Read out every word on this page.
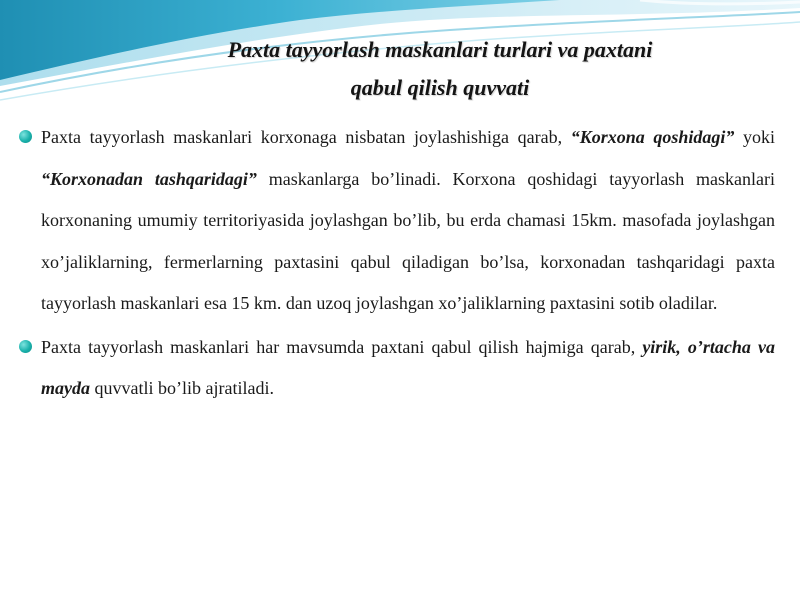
Paxta tayyorlash maskanlari turlari va paxtani
qabul qilish quvvati

Paxta tayyorlash maskanlari korxonaga nisbatan joylashishiga qarab, “Korxona qoshidagi” yoki “Korxonadan tashqaridagi” maskanlarga bo’linadi. Korxona qoshidagi tayyorlash maskanlari korxonaning umumiy territoriyasida joylashgan bo’lib, bu erda chamasi 15km. masofada joylashgan xo’jaliklarning, fermerlarning paxtasini qabul qiladigan bo’lsa, korxonadan tashqaridagi paxta tayyorlash maskanlari esa 15 km. dan uzoq joylashgan xo’jaliklarning paxtasini sotib oladilar.

Paxta tayyorlash maskanlari har mavsumda paxtani qabul qilish hajmiga qarab, yirik, o’rtacha va mayda quvvatli bo’lib ajratiladi.
